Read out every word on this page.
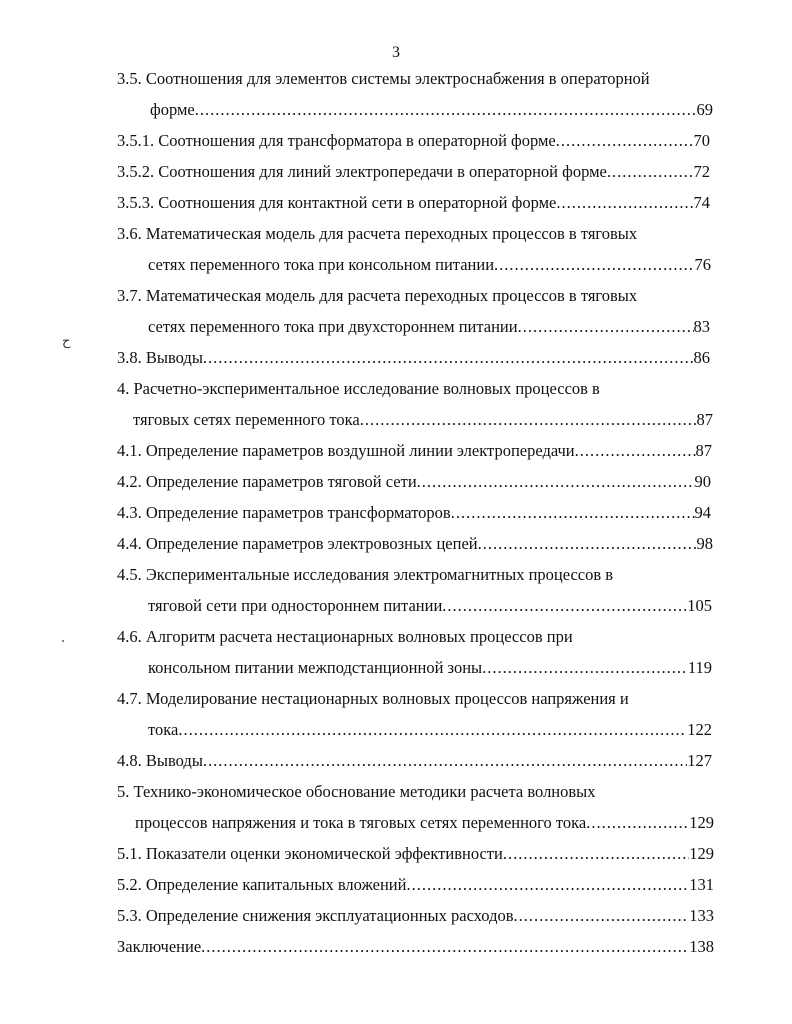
3
ح
3.5. Соотношения для элементов системы электроснабжения в операторной
форме .....	69
3.5.1. Соотношения для трансформатора в операторной форме .....	70
3.5.2. Соотношения для линий электропередачи в операторной форме .....	72
3.5.3. Соотношения для контактной сети в операторной форме .....	74
3.6. Математическая модель для расчета переходных процессов в тяговых
сетях переменного тока при консольном питании .....	76
3.7. Математическая модель для расчета переходных процессов в тяговых
сетях переменного тока при двухстороннем питании .....	83
3.8. Выводы .....	86
4. Расчетно-экспериментальное исследование волновых процессов в
тяговых сетях переменного тока .....	87
4.1. Определение параметров воздушной линии электропередачи .....	87
4.2. Определение параметров тяговой сети .....	90
4.3. Определение параметров трансформаторов .....	94
4.4. Определение параметров электровозных цепей .....	98
4.5. Экспериментальные исследования электромагнитных процессов в
тяговой сети при одностороннем питании .....	105
4.6. Алгоритм расчета нестационарных волновых процессов при
консольном питании межподстанционной зоны .....	119
4.7. Моделирование нестационарных волновых процессов напряжения и
тока .....	122
4.8. Выводы .....	127
5. Технико-экономическое обоснование методики расчета волновых
процессов напряжения и тока в тяговых сетях переменного тока .....	129
5.1. Показатели оценки экономической эффективности .....	129
5.2. Определение капитальных вложений .....	131
5.3. Определение снижения эксплуатационных расходов .....	133
Заключение .....	138
